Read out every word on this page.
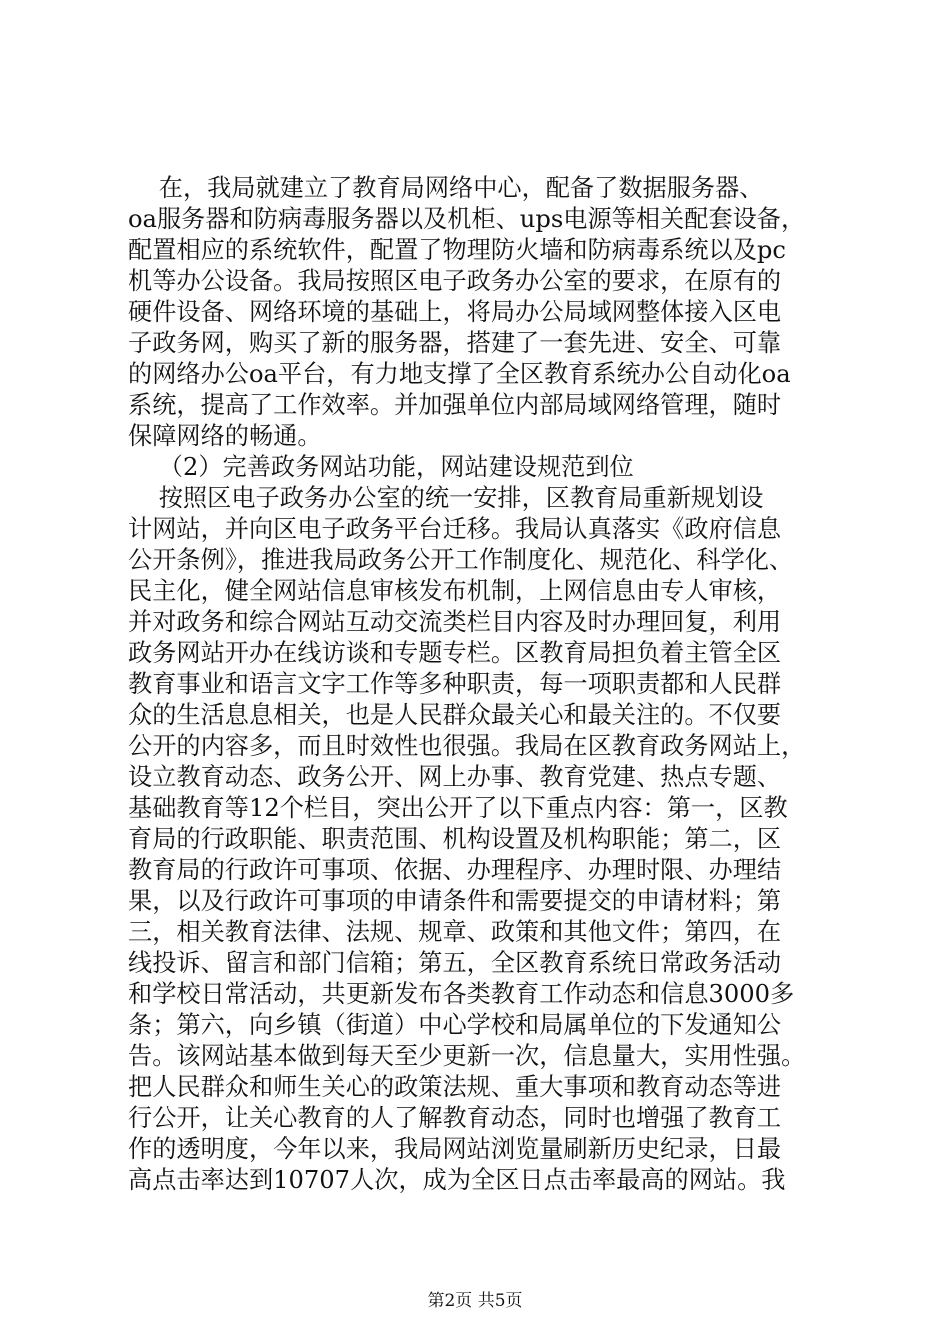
在，我局就建立了教育局网络中心，配备了数据服务器、
oa服务器和防病毒服务器以及机柜、ups电源等相关配套设备，
配置相应的系统软件，配置了物理防火墙和防病毒系统以及pc
机等办公设备。我局按照区电子政务办公室的要求，在原有的
硬件设备、网络环境的基础上，将局办公局域网整体接入区电
子政务网，购买了新的服务器，搭建了一套先进、安全、可靠
的网络办公oa平台，有力地支撑了全区教育系统办公自动化oa
系统，提高了工作效率。并加强单位内部局域网络管理，随时
保障网络的畅通。
（2）完善政务网站功能，网站建设规范到位
按照区电子政务办公室的统一安排，区教育局重新规划设
计网站，并向区电子政务平台迁移。我局认真落实《政府信息
公开条例》，推进我局政务公开工作制度化、规范化、科学化、
民主化，健全网站信息审核发布机制，上网信息由专人审核，
并对政务和综合网站互动交流类栏目内容及时办理回复，利用
政务网站开办在线访谈和专题专栏。区教育局担负着主管全区
教育事业和语言文字工作等多种职责，每一项职责都和人民群
众的生活息息相关，也是人民群众最关心和最关注的。不仅要
公开的内容多，而且时效性也很强。我局在区教育政务网站上，
设立教育动态、政务公开、网上办事、教育党建、热点专题、
基础教育等12个栏目，突出公开了以下重点内容：第一，区教
育局的行政职能、职责范围、机构设置及机构职能；第二，区
教育局的行政许可事项、依据、办理程序、办理时限、办理结
果，以及行政许可事项的申请条件和需要提交的申请材料；第
三，相关教育法律、法规、规章、政策和其他文件；第四，在
线投诉、留言和部门信箱；第五，全区教育系统日常政务活动
和学校日常活动，共更新发布各类教育工作动态和信息3000多
条；第六，向乡镇（街道）中心学校和局属单位的下发通知公
告。该网站基本做到每天至少更新一次，信息量大，实用性强。
把人民群众和师生关心的政策法规、重大事项和教育动态等进
行公开，让关心教育的人了解教育动态，同时也增强了教育工
作的透明度，今年以来，我局网站浏览量刷新历史纪录，日最
高点击率达到10707人次，成为全区日点击率最高的网站。我
第2页 共5页
